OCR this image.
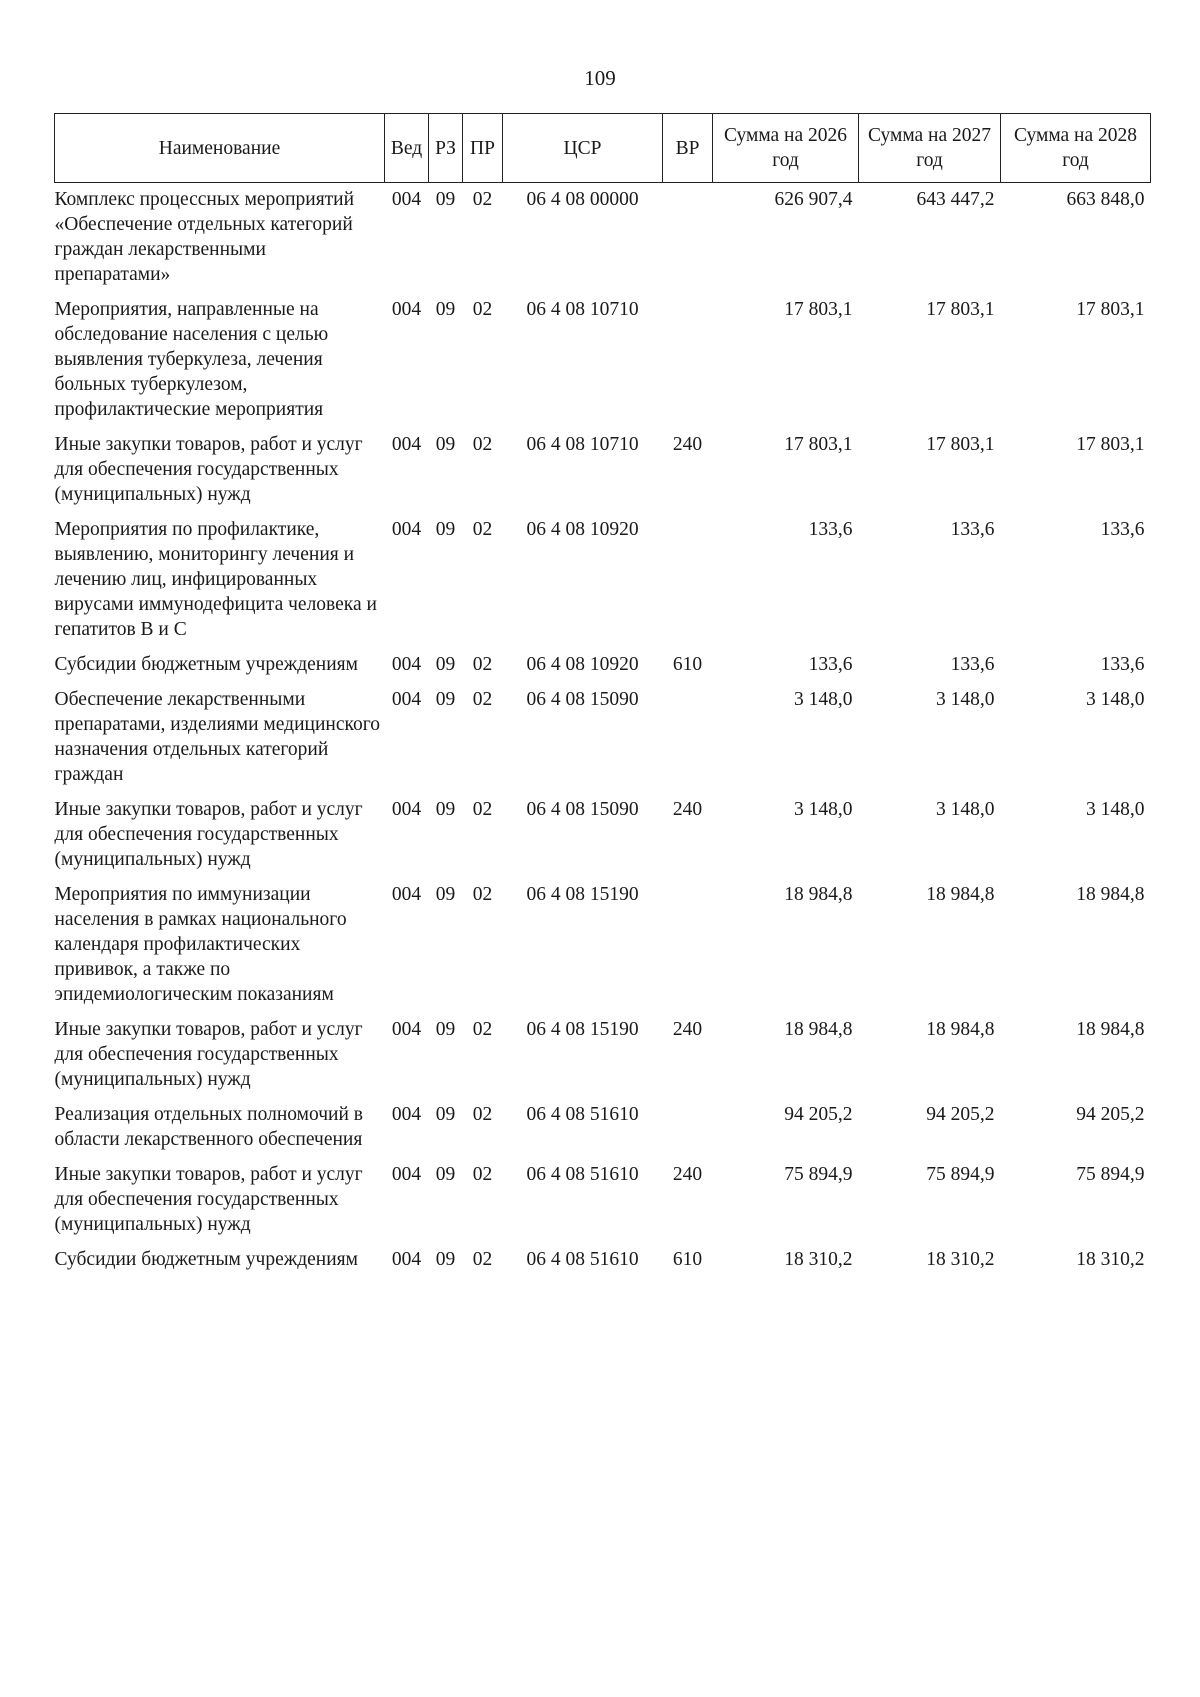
109
Наименование	Вед	РЗ	ПР	ЦСР	ВР	Сумма на 2026 год	Сумма на 2027 год	Сумма на 2028 год
Комплекс процессных мероприятий «Обеспечение отдельных категорий граждан лекарственными препаратами»	004	09	02	06 4 08 00000		626 907,4	643 447,2	663 848,0
Мероприятия, направленные на обследование населения с целью выявления туберкулеза, лечения больных туберкулезом, профилактические мероприятия	004	09	02	06 4 08 10710		17 803,1	17 803,1	17 803,1
Иные закупки товаров, работ и услуг для обеспечения государственных (муниципальных) нужд	004	09	02	06 4 08 10710	240	17 803,1	17 803,1	17 803,1
Мероприятия по профилактике, выявлению, мониторингу лечения и лечению лиц, инфицированных вирусами иммунодефицита человека и гепатитов B и C	004	09	02	06 4 08 10920		133,6	133,6	133,6
Субсидии бюджетным учреждениям	004	09	02	06 4 08 10920	610	133,6	133,6	133,6
Обеспечение лекарственными препаратами, изделиями медицинского назначения отдельных категорий граждан	004	09	02	06 4 08 15090		3 148,0	3 148,0	3 148,0
Иные закупки товаров, работ и услуг для обеспечения государственных (муниципальных) нужд	004	09	02	06 4 08 15090	240	3 148,0	3 148,0	3 148,0
Мероприятия по иммунизации населения в рамках национального календаря профилактических прививок, а также по эпидемиологическим показаниям	004	09	02	06 4 08 15190		18 984,8	18 984,8	18 984,8
Иные закупки товаров, работ и услуг для обеспечения государственных (муниципальных) нужд	004	09	02	06 4 08 15190	240	18 984,8	18 984,8	18 984,8
Реализация отдельных полномочий в области лекарственного обеспечения	004	09	02	06 4 08 51610		94 205,2	94 205,2	94 205,2
Иные закупки товаров, работ и услуг для обеспечения государственных (муниципальных) нужд	004	09	02	06 4 08 51610	240	75 894,9	75 894,9	75 894,9
Субсидии бюджетным учреждениям	004	09	02	06 4 08 51610	610	18 310,2	18 310,2	18 310,2
